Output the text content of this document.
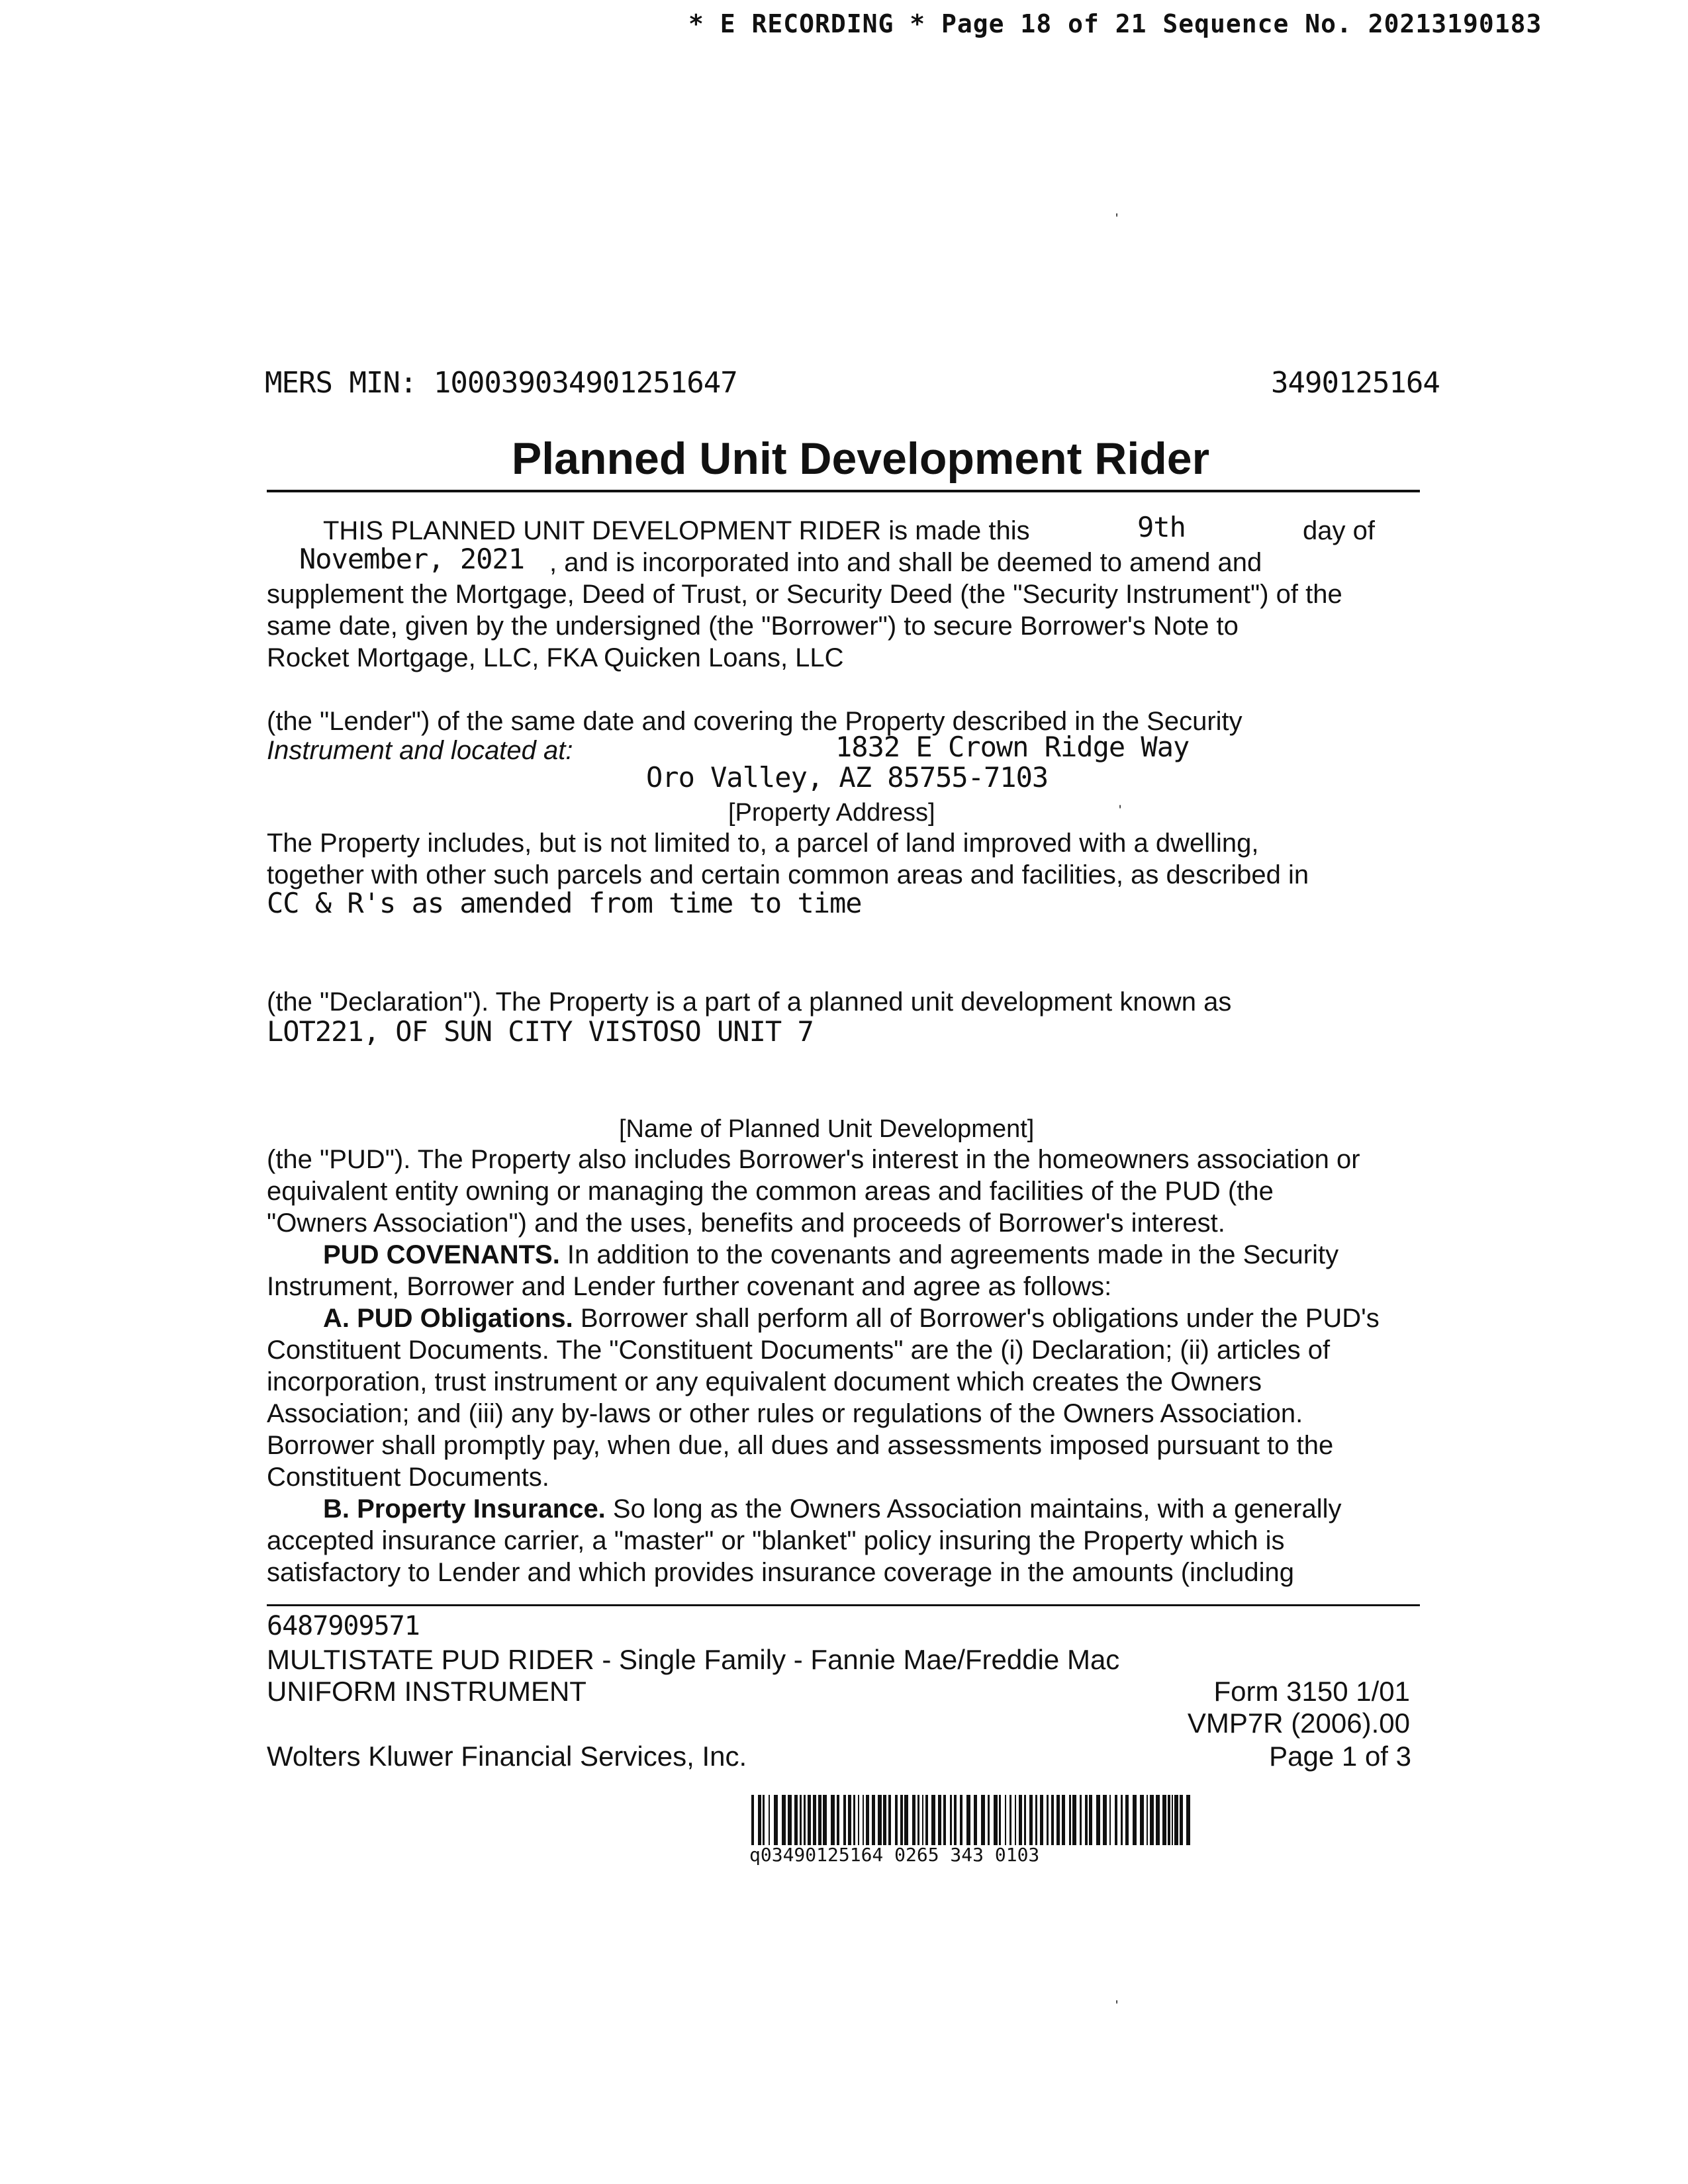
* E RECORDING * Page 18 of 21 Sequence No. 20213190183
'
MERS MIN: 100039034901251647	3490125164
Planned Unit Development Rider
THIS PLANNED UNIT DEVELOPMENT RIDER is made this	9th	day of
November, 2021 , and is incorporated into and shall be deemed to amend and
supplement the Mortgage, Deed of Trust, or Security Deed (the "Security Instrument") of the
same date, given by the undersigned (the "Borrower") to secure Borrower's Note to
Rocket Mortgage, LLC, FKA Quicken Loans, LLC
(the "Lender") of the same date and covering the Property described in the Security
Instrument and located at:	1832 E Crown Ridge Way
Oro Valley, AZ 85755-7103
[Property Address]	'
The Property includes, but is not limited to, a parcel of land improved with a dwelling,
together with other such parcels and certain common areas and facilities, as described in
CC & R's as amended from time to time
(the "Declaration"). The Property is a part of a planned unit development known as
LOT221, OF SUN CITY VISTOSO UNIT 7
[Name of Planned Unit Development]

(the "PUD"). The Property also includes Borrower's interest in the homeowners association or

equivalent entity owning or managing the common areas and facilities of the PUD (the

"Owners Association") and the uses, benefits and proceeds of Borrower's interest.

PUD COVENANTS. In addition to the covenants and agreements made in the Security

Instrument, Borrower and Lender further covenant and agree as follows:

A. PUD Obligations. Borrower shall perform all of Borrower's obligations under the PUD's

Constituent Documents. The "Constituent Documents" are the (i) Declaration; (ii) articles of

incorporation, trust instrument or any equivalent document which creates the Owners

Association; and (iii) any by-laws or other rules or regulations of the Owners Association.

Borrower shall promptly pay, when due, all dues and assessments imposed pursuant to the

Constituent Documents.

B. Property Insurance. So long as the Owners Association maintains, with a generally

accepted insurance carrier, a "master" or "blanket" policy insuring the Property which is

satisfactory to Lender and which provides insurance coverage in the amounts (including

6487909571
MULTISTATE PUD RIDER - Single Family - Fannie Mae/Freddie Mac
UNIFORM INSTRUMENT	Form 3150 1/01
VMP7R (2006).00
Wolters Kluwer Financial Services, Inc.	Page 1 of 3
q03490125164 0265 343 0103
'
